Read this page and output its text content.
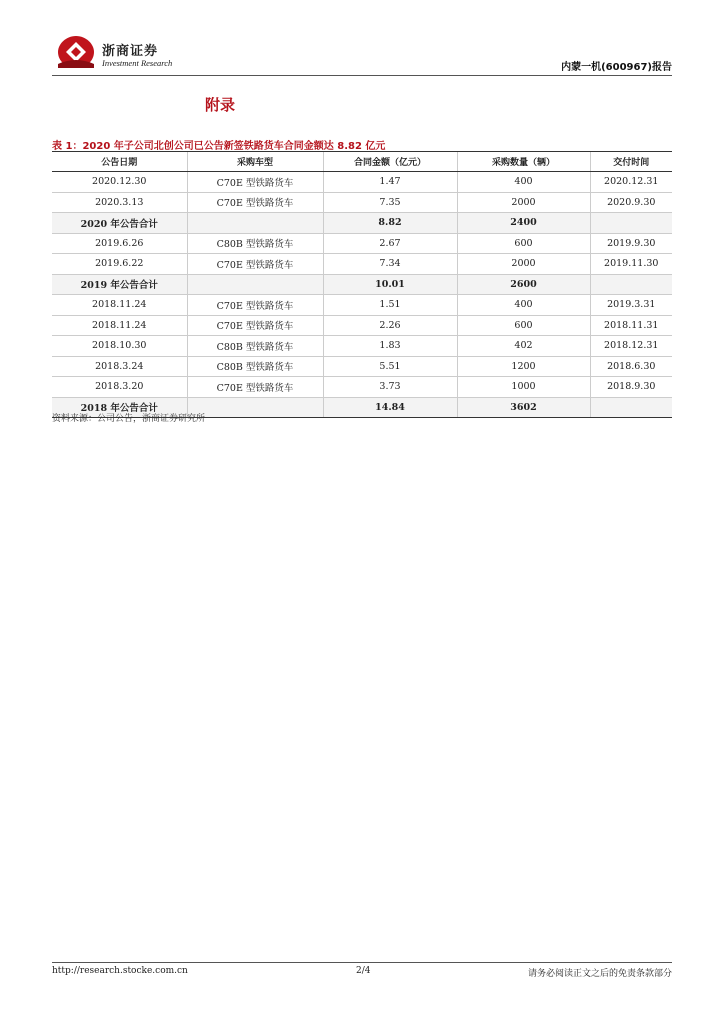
浙商证券
Investment Research	内蒙一机(600967)报告
附录
表 1：2020 年子公司北创公司已公告新签铁路货车合同金额达 8.82 亿元
公告日期	采购车型	合同金额（亿元）	采购数量（辆）	交付时间
2020.12.30	C70E 型铁路货车	1.47	400	2020.12.31
2020.3.13	C70E 型铁路货车	7.35	2000	2020.9.30
2020 年公告合计		8.82	2400	
2019.6.26	C80B 型铁路货车	2.67	600	2019.9.30
2019.6.22	C70E 型铁路货车	7.34	2000	2019.11.30
2019 年公告合计		10.01	2600	
2018.11.24	C70E 型铁路货车	1.51	400	2019.3.31
2018.11.24	C70E 型铁路货车	2.26	600	2018.11.31
2018.10.30	C80B 型铁路货车	1.83	402	2018.12.31
2018.3.24	C80B 型铁路货车	5.51	1200	2018.6.30
2018.3.20	C70E 型铁路货车	3.73	1000	2018.9.30
2018 年公告合计		14.84	3602	
资料来源：公司公告，浙商证券研究所
http://research.stocke.com.cn	2/4	请务必阅读正文之后的免责条款部分
